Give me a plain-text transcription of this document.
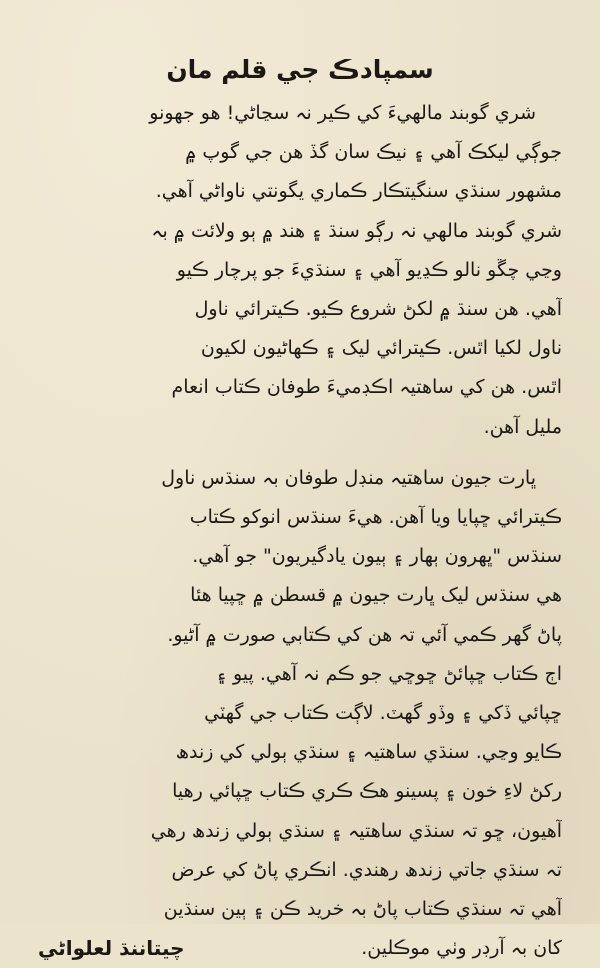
سمپادڪ جي قلم مان

شري گوبند مالهيءَ کي ڪير نہ سڃاڻي! هو جهونو
جوڳي ليکڪ آهي ۽ نيڪ سان گڏ هن جي گوپ ۾
مشهور سنڌي سنگيتڪار ڪماري يگونتي ناواڻي آهي.
شري گوبند مالهي نہ رڳو سنڌ ۽ هند ۾ ٻو ولائت ۾ بہ
وڃي چڱو نالو ڪڍيو آهي ۽ سنڌيءَ جو پرچار ڪيو
آهي. هن سنڌ ۾ لکڻ شروع ڪيو. ڪيترائي ناول
ناول لکيا اٿس. ڪيترائي ليک ۽ ڪهاڻيون لکيون
اٿس. هن کي ساهتيہ اڪڊميءَ طوفان ڪتاب انعام
مليل آهن.

ڀارت جيون ساهتيہ منڊل طوفان بہ سنڌس ناول
ڪيترائي ڇپايا ويا آهن. هيءَ سنڌس انوکو ڪتاب
سنڌس "ڀهرون ٻهار ۽ ٻيون يادگيريون" جو آهي.
هي سنڌس ليک ڀارت جيون ۾ قسطن ۾ ڇپيا هئا
پاڻ گهر ڪمي آئي تہ هن کي ڪتابي صورت ۾ آڻيو.
اڄ ڪتاب ڇپائڻ ڇوڇي جو ڪم نہ آهي. پيو ۽
ڇپائي ڏکي ۽ وڏو گهٽ. لاڳت ڪتاب جي گهٽي
ڪايو وڃي. سنڌي ساهتيہ ۽ سنڌي ٻولي کي زندھ
رکڻ لاءِ خون ۽ پسينو هڪ ڪري ڪتاب ڇپائي رهيا
آهيون، ڇو تہ سنڌي ساهتيہ ۽ سنڌي ٻولي زندھ رهي
تہ سنڌي جاتي زندھ رهندي. انڪري پاڻ کي عرض
آهي تہ سنڌي ڪتاب پاڻ بہ خريد ڪن ۽ ٻين سنڌين

کان بہ آرڊر وٺي موڪلين.
چيتاننڌ لعلواڻي
